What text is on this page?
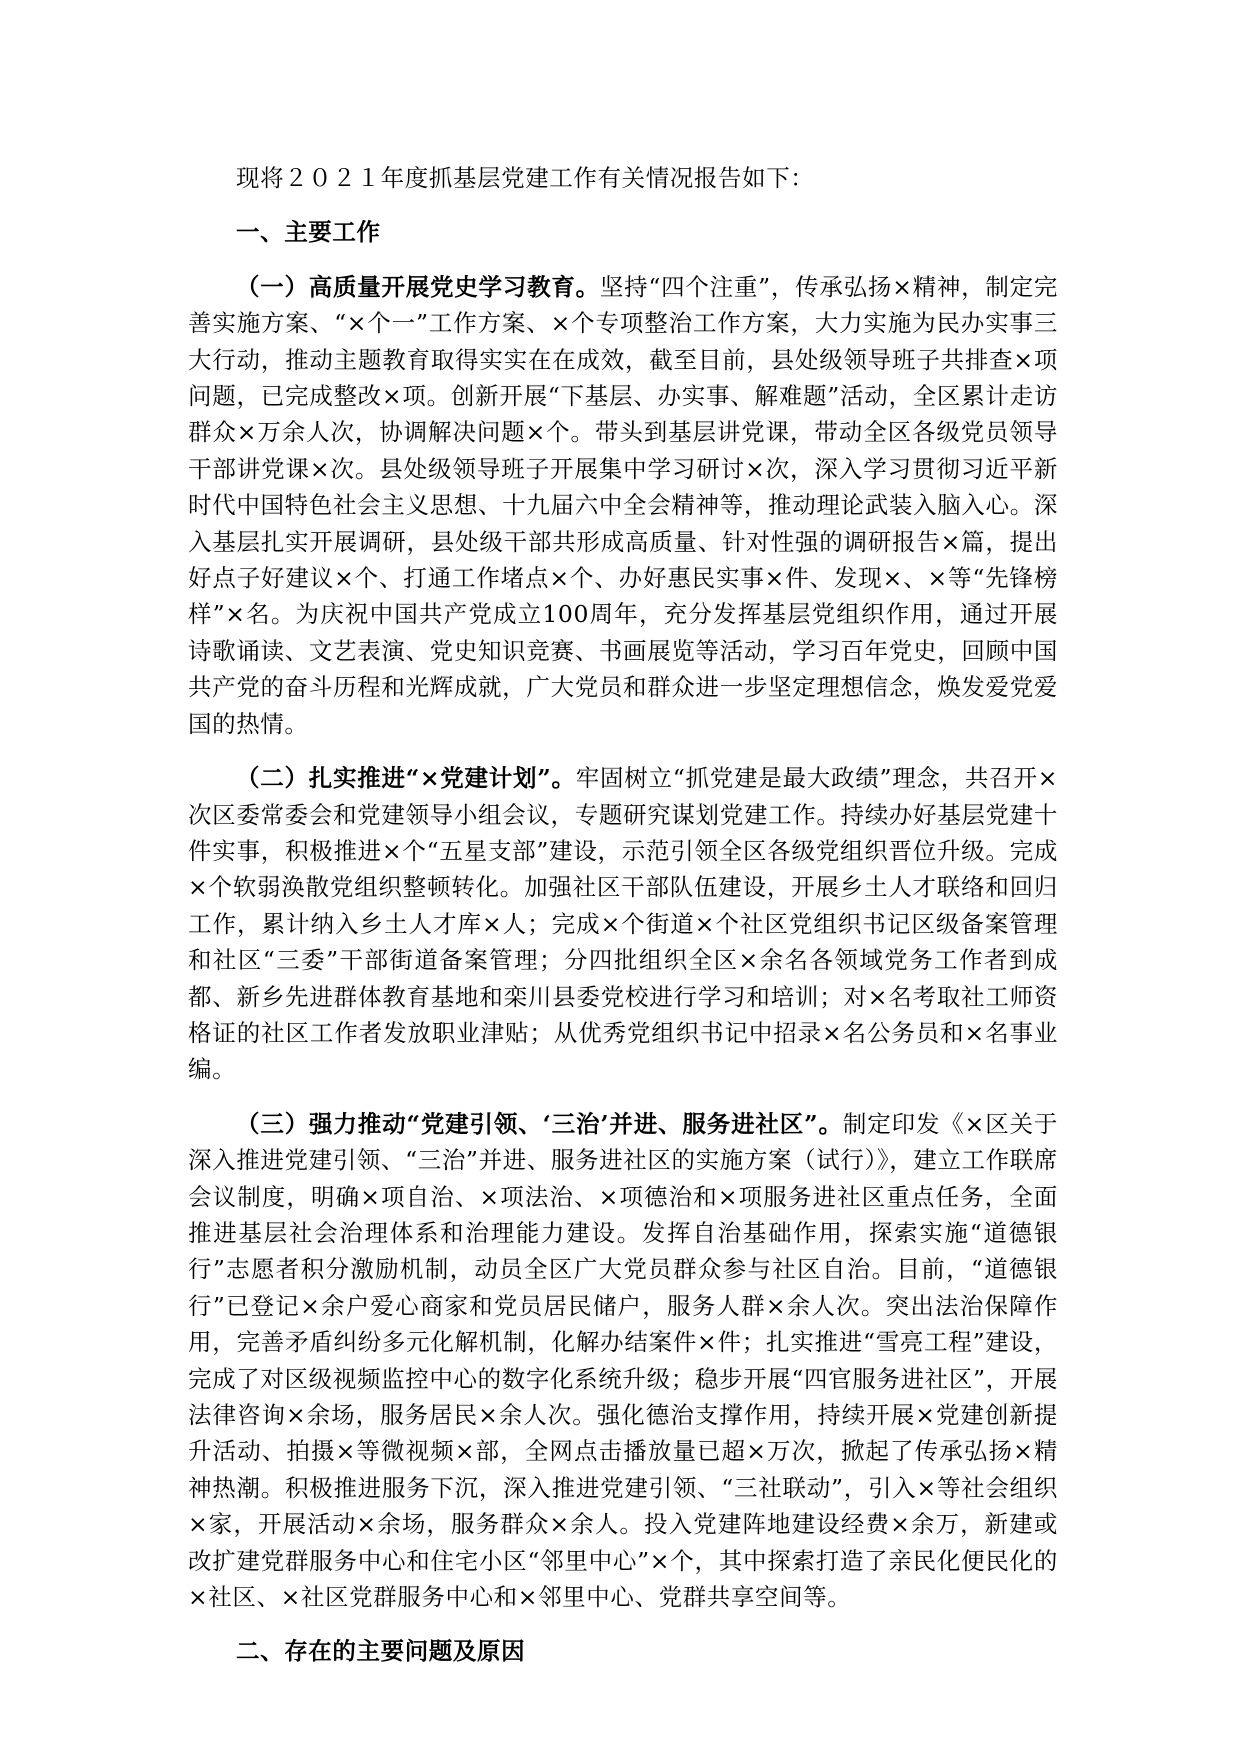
现将２０２１年度抓基层党建工作有关情况报告如下：

一、主要工作

（一）高质量开展党史学习教育。坚持“四个注重”，传承弘扬×精神，制定完善实施方案、“×个一”工作方案、×个专项整治工作方案，大力实施为民办实事三大行动，推动主题教育取得实实在在成效，截至目前，县处级领导班子共排查×项问题，已完成整改×项。创新开展“下基层、办实事、解难题”活动，全区累计走访群众×万余人次，协调解决问题×个。带头到基层讲党课，带动全区各级党员领导干部讲党课×次。县处级领导班子开展集中学习研讨×次，深入学习贯彻习近平新时代中国特色社会主义思想、十九届六中全会精神等，推动理论武装入脑入心。深入基层扎实开展调研，县处级干部共形成高质量、针对性强的调研报告×篇，提出好点子好建议×个、打通工作堵点×个、办好惠民实事×件、发现×、×等“先锋榜样”×名。为庆祝中国共产党成立100周年，充分发挥基层党组织作用，通过开展诗歌诵读、文艺表演、党史知识竞赛、书画展览等活动，学习百年党史，回顾中国共产党的奋斗历程和光辉成就，广大党员和群众进一步坚定理想信念，焕发爱党爱国的热情。

（二）扎实推进“×党建计划”。牢固树立“抓党建是最大政绩”理念，共召开×次区委常委会和党建领导小组会议，专题研究谋划党建工作。持续办好基层党建十件实事，积极推进×个“五星支部”建设，示范引领全区各级党组织晋位升级。完成×个软弱涣散党组织整顿转化。加强社区干部队伍建设，开展乡土人才联络和回归工作，累计纳入乡土人才库×人；完成×个街道×个社区党组织书记区级备案管理和社区“三委”干部街道备案管理；分四批组织全区×余名各领域党务工作者到成都、新乡先进群体教育基地和栾川县委党校进行学习和培训；对×名考取社工师资格证的社区工作者发放职业津贴；从优秀党组织书记中招录×名公务员和×名事业编。

（三）强力推动“党建引领、‘三治’并进、服务进社区”。制定印发《×区关于深入推进党建引领、“三治”并进、服务进社区的实施方案（试行）》，建立工作联席会议制度，明确×项自治、×项法治、×项德治和×项服务进社区重点任务，全面推进基层社会治理体系和治理能力建设。发挥自治基础作用，探索实施“道德银行”志愿者积分激励机制，动员全区广大党员群众参与社区自治。目前，“道德银行”已登记×余户爱心商家和党员居民储户，服务人群×余人次。突出法治保障作用，完善矛盾纠纷多元化解机制，化解办结案件×件；扎实推进“雪亮工程”建设，完成了对区级视频监控中心的数字化系统升级；稳步开展“四官服务进社区”，开展法律咨询×余场，服务居民×余人次。强化德治支撑作用，持续开展×党建创新提升活动、拍摄×等微视频×部，全网点击播放量已超×万次，掀起了传承弘扬×精神热潮。积极推进服务下沉，深入推进党建引领、“三社联动”，引入×等社会组织×家，开展活动×余场，服务群众×余人。投入党建阵地建设经费×余万，新建或改扩建党群服务中心和住宅小区“邻里中心”×个，其中探索打造了亲民化便民化的×社区、×社区党群服务中心和×邻里中心、党群共享空间等。

二、存在的主要问题及原因
